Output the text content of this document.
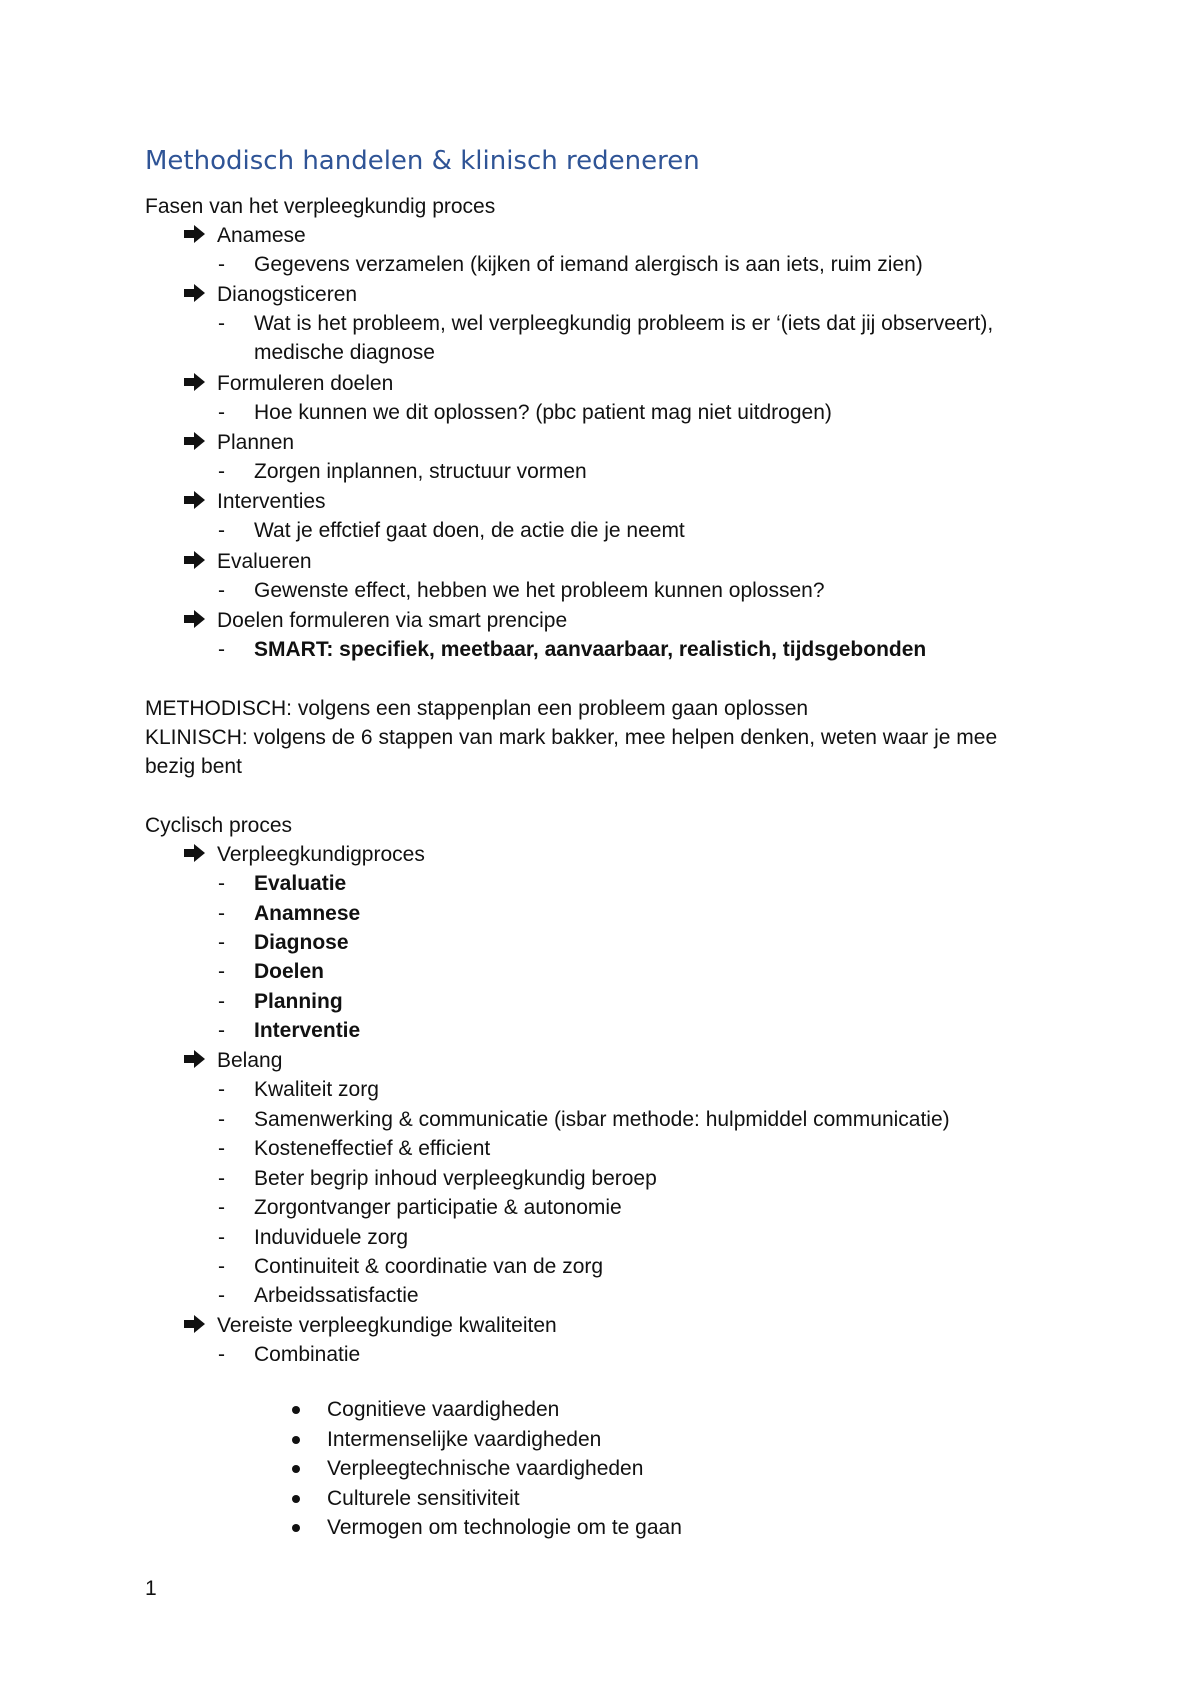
Methodisch handelen & klinisch redeneren
Fasen van het verpleegkundig proces
Anamese
- Gegevens verzamelen (kijken of iemand alergisch is aan iets, ruim zien)
Dianogsticeren
- Wat is het probleem, wel verpleegkundig probleem is er ‘(iets dat jij observeert),
medische diagnose
Formuleren doelen
- Hoe kunnen we dit oplossen? (pbc patient mag niet uitdrogen)
Plannen
- Zorgen inplannen, structuur vormen
Interventies
- Wat je effctief gaat doen, de actie die je neemt
Evalueren
- Gewenste effect, hebben we het probleem kunnen oplossen?
Doelen formuleren via smart prencipe
- SMART: specifiek, meetbaar, aanvaarbaar, realistich, tijdsgebonden
METHODISCH: volgens een stappenplan een probleem gaan oplossen
KLINISCH: volgens de 6 stappen van mark bakker, mee helpen denken, weten waar je mee
bezig bent
Cyclisch proces
Verpleegkundigproces
- Evaluatie
- Anamnese
- Diagnose
- Doelen
- Planning
- Interventie
Belang
- Kwaliteit zorg
- Samenwerking & communicatie (isbar methode: hulpmiddel communicatie)
- Kosteneffectief & efficient
- Beter begrip inhoud verpleegkundig beroep
- Zorgontvanger participatie & autonomie
- Induviduele zorg
- Continuiteit & coordinatie van de zorg
- Arbeidssatisfactie
Vereiste verpleegkundige kwaliteiten
- Combinatie
Cognitieve vaardigheden
Intermenselijke vaardigheden
Verpleegtechnische vaardigheden
Culturele sensitiviteit
Vermogen om technologie om te gaan
1
